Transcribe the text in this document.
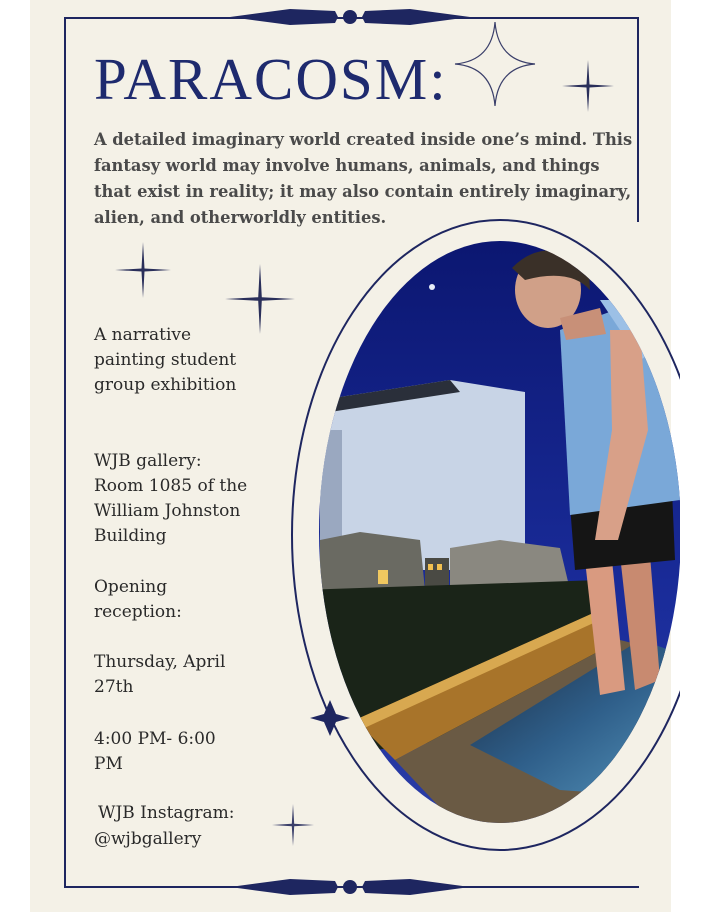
PARACOSM:

A detailed imaginary world created inside one’s mind. This fantasy world may involve humans, animals, and things that exist in reality; it may also contain entirely imaginary, alien, and otherworldly entities.

A narrative
painting student
group exhibition

WJB gallery:
Room 1085 of the
William Johnston
Building

Opening
reception:

Thursday, April
27th

4:00 PM- 6:00
PM

WJB Instagram:

@wjbgallery
